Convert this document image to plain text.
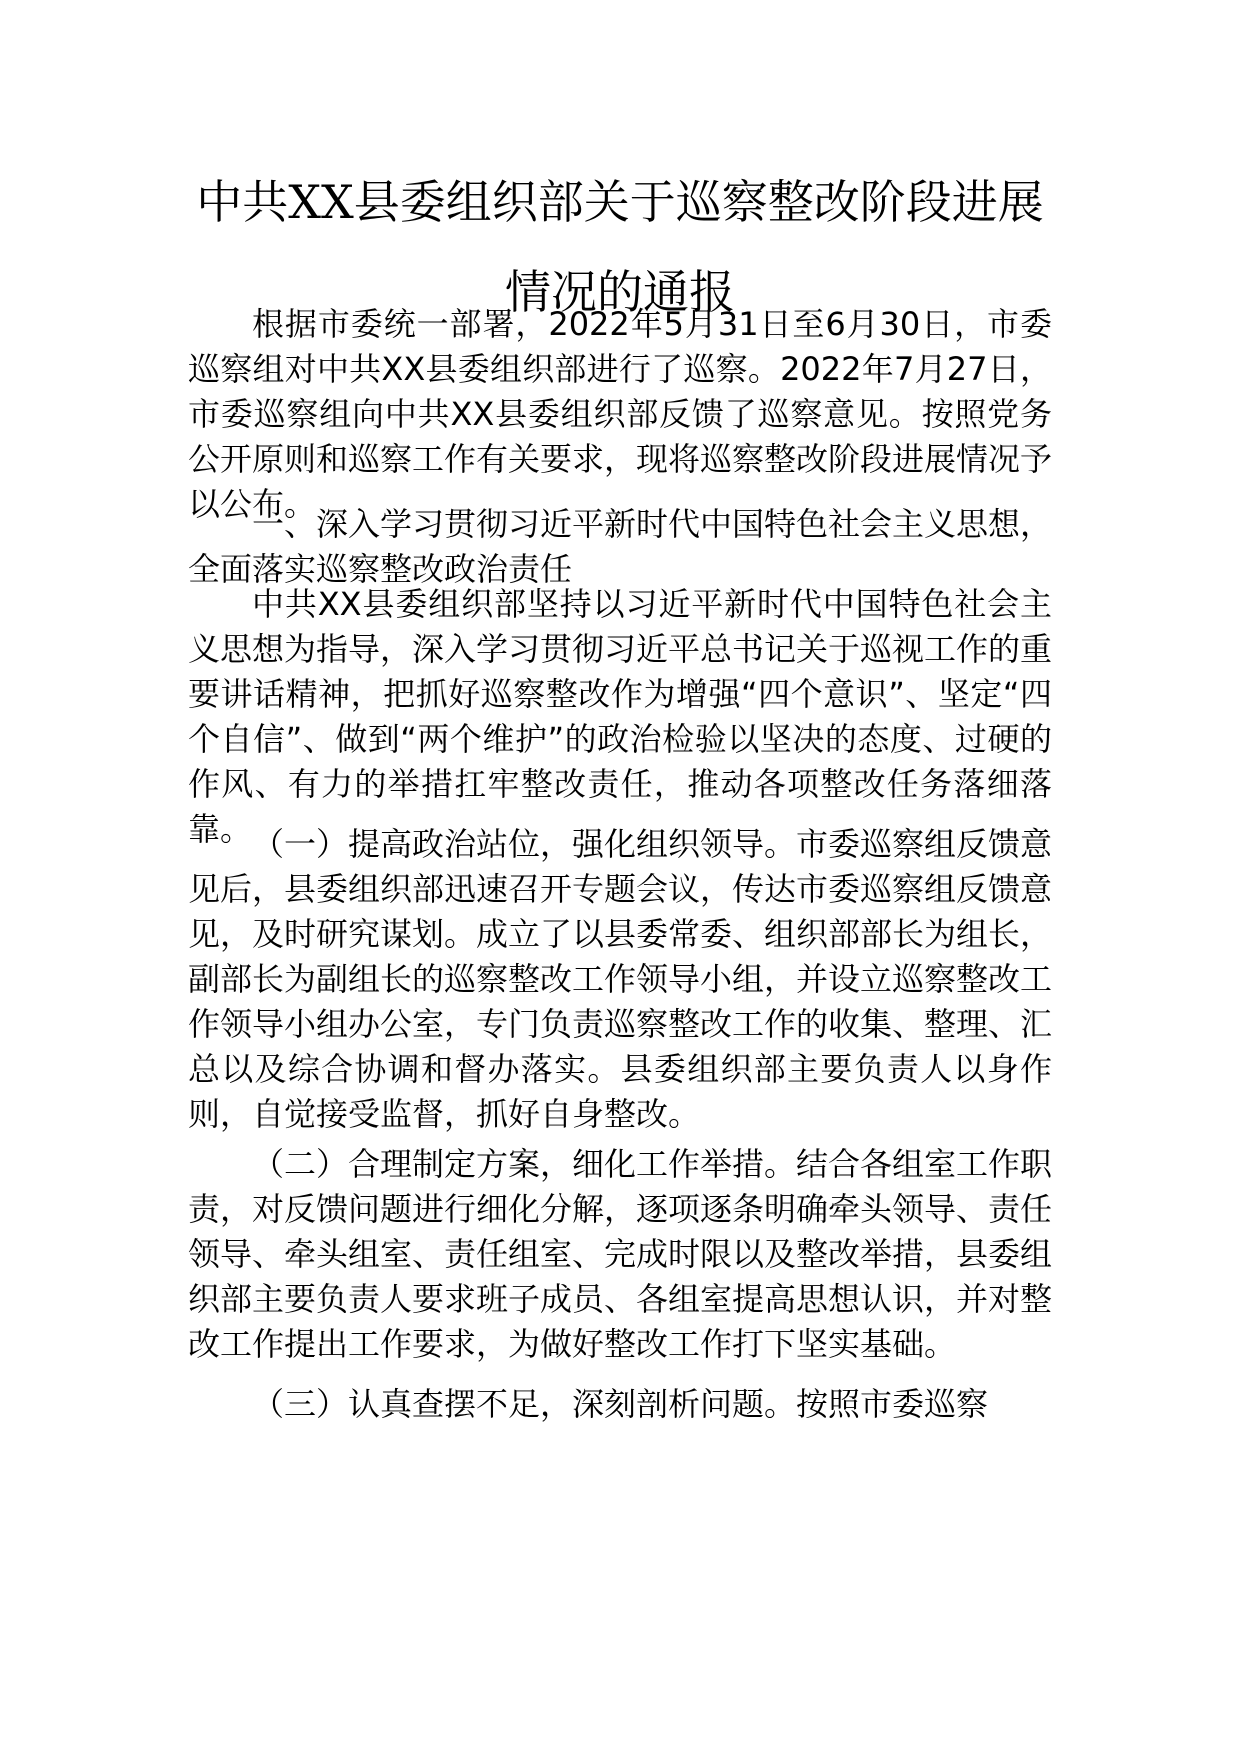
中共XX县委组织部关于巡察整改阶段进展
情况的通报

根据市委统一部署，2022年5月31日至6月30日，市委巡察组对中共XX县委组织部进行了巡察。2022年7月27日，市委巡察组向中共XX县委组织部反馈了巡察意见。按照党务公开原则和巡察工作有关要求，现将巡察整改阶段进展情况予以公布。

一、深入学习贯彻习近平新时代中国特色社会主义思想，全面落实巡察整改政治责任

中共XX县委组织部坚持以习近平新时代中国特色社会主义思想为指导，深入学习贯彻习近平总书记关于巡视工作的重要讲话精神，把抓好巡察整改作为增强“四个意识”、坚定“四个自信”、做到“两个维护”的政治检验以坚决的态度、过硬的作风、有力的举措扛牢整改责任，推动各项整改任务落细落靠。 （一）提高政治站位，强化组织领导。市委巡察组反馈意见后，县委组织部迅速召开专题会议，传达市委巡察组反馈意见，及时研究谋划。成立了以县委常委、组织部部长为组长，副部长为副组长的巡察整改工作领导小组，并设立巡察整改工作领导小组办公室，专门负责巡察整改工作的收集、整理、汇总以及综合协调和督办落实。县委组织部主要负责人以身作则，自觉接受监督，抓好自身整改。

（二）合理制定方案，细化工作举措。结合各组室工作职责，对反馈问题进行细化分解，逐项逐条明确牵头领导、责任领导、牵头组室、责任组室、完成时限以及整改举措，县委组织部主要负责人要求班子成员、各组室提高思想认识，并对整改工作提出工作要求，为做好整改工作打下坚实基础。

（三）认真查摆不足，深刻剖析问题。按照市委巡察
